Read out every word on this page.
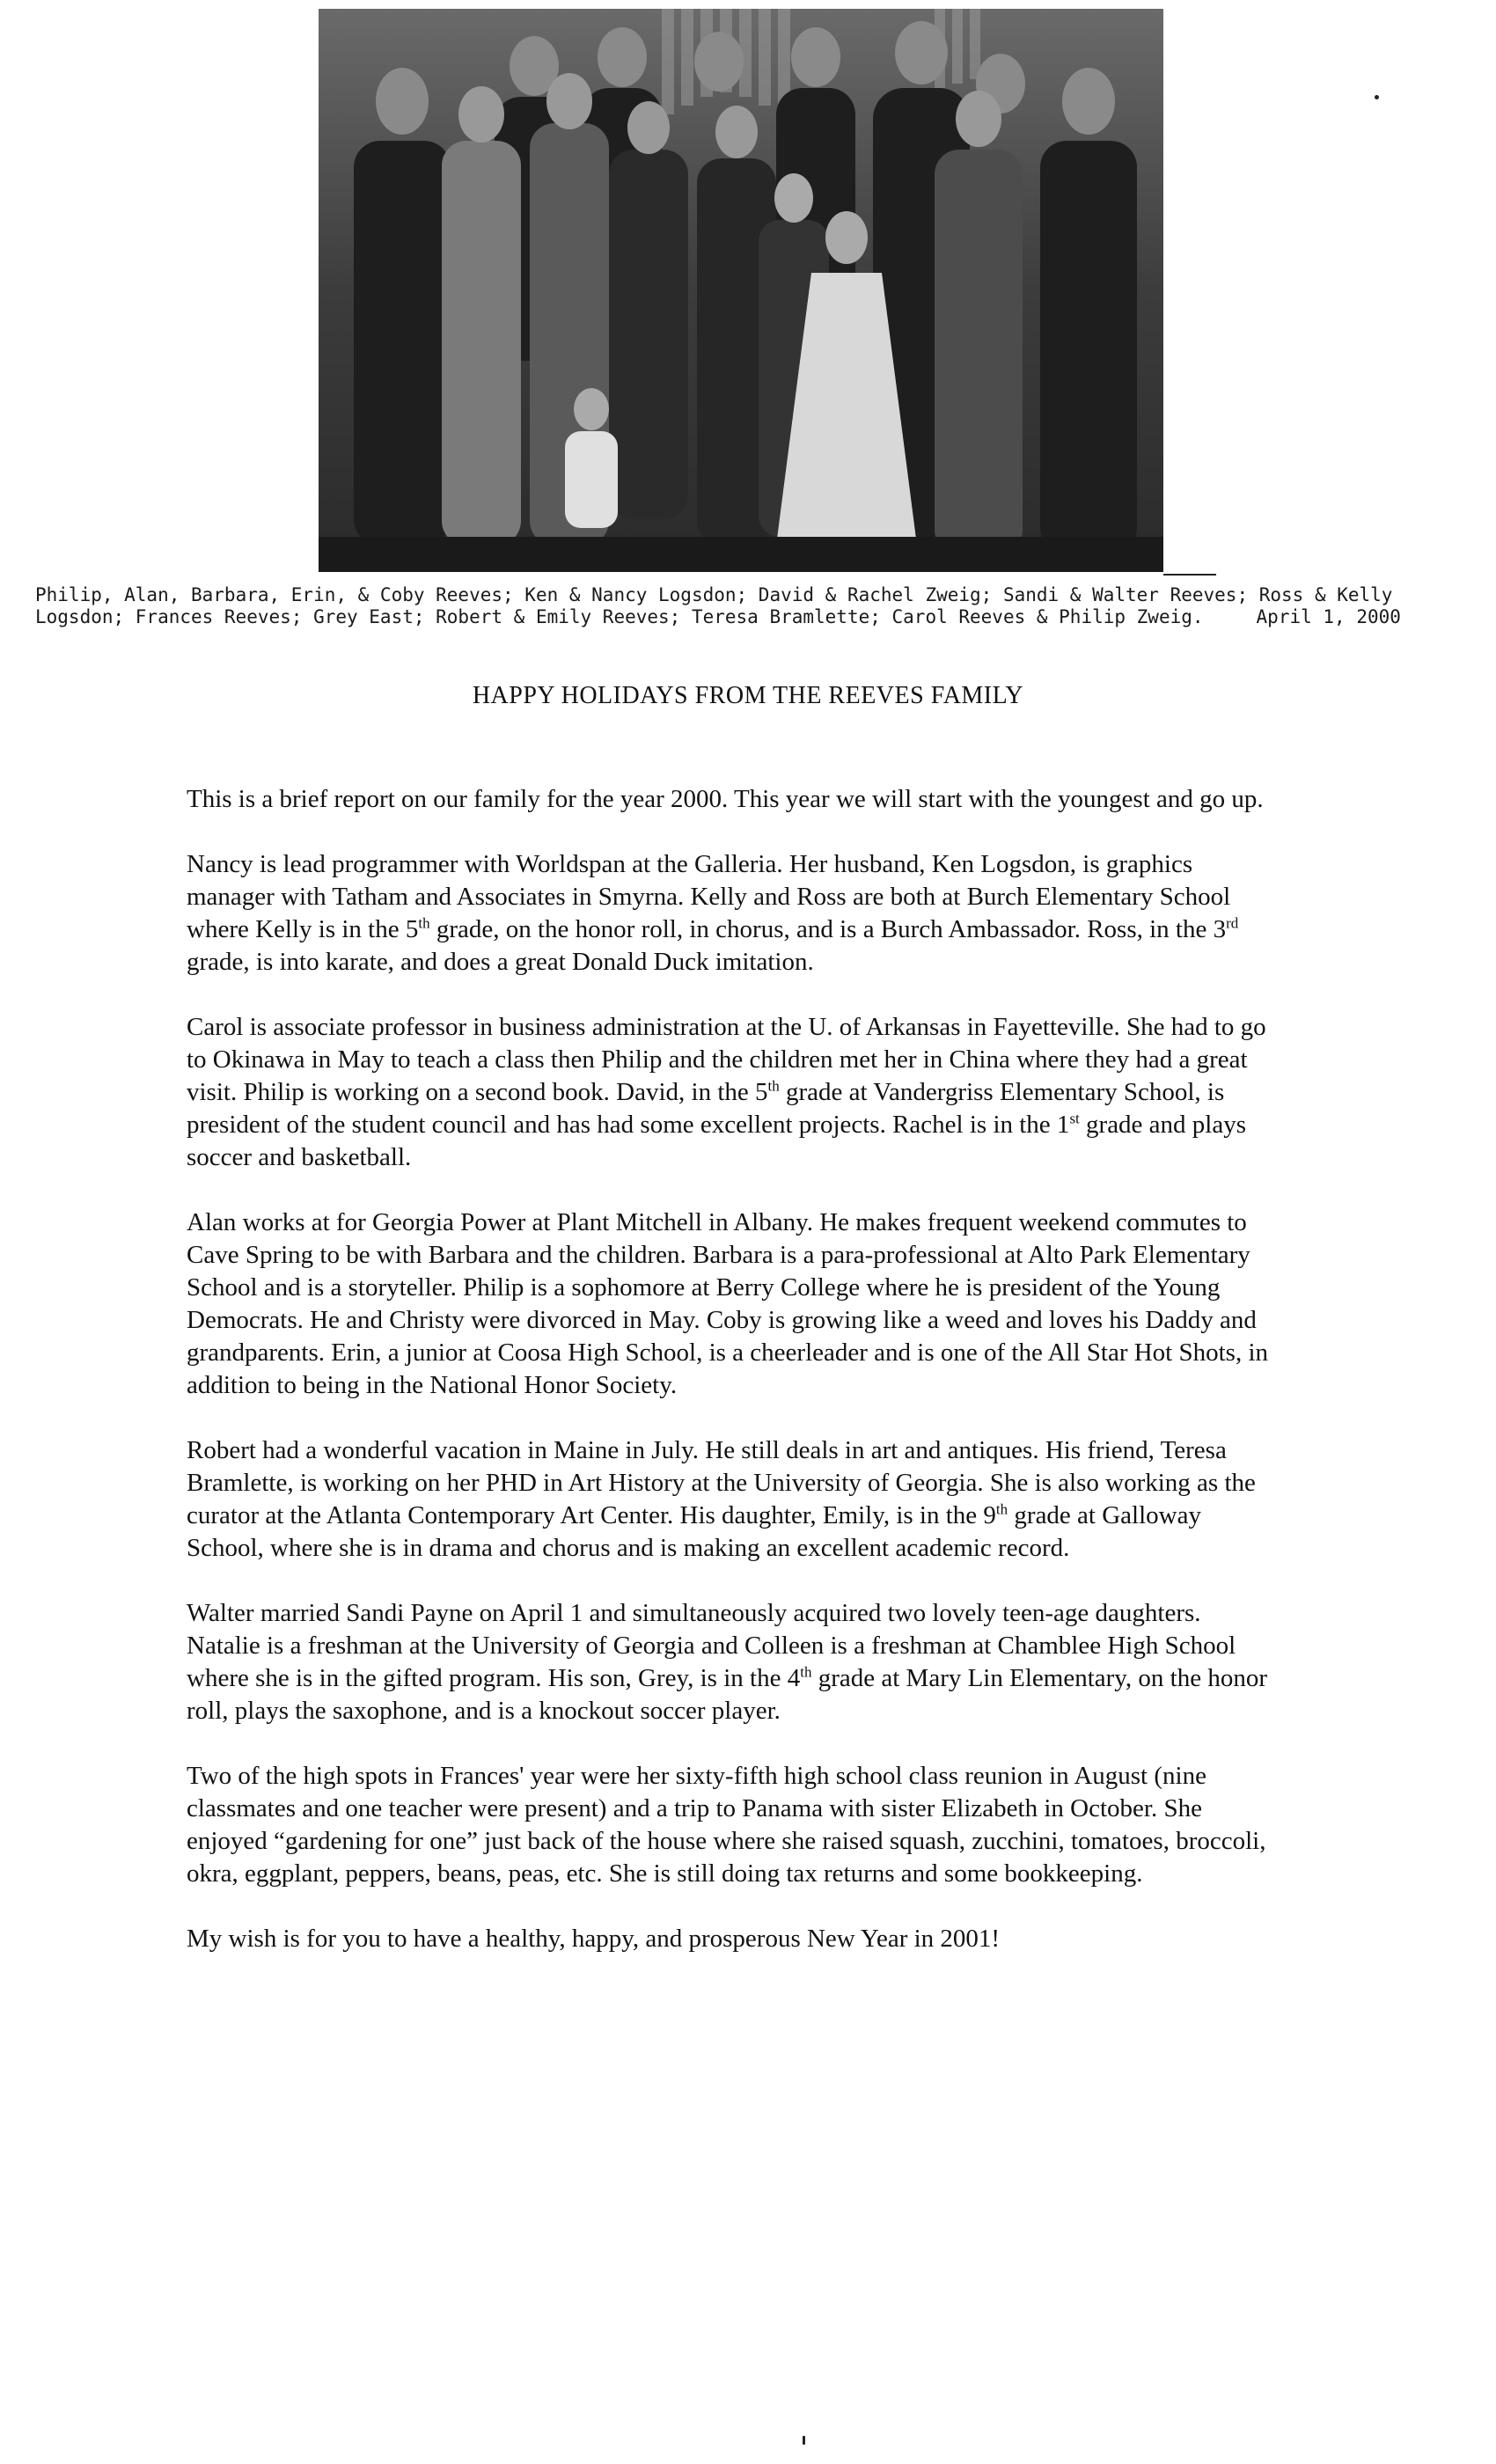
Philip, Alan, Barbara, Erin, & Coby Reeves; Ken & Nancy Logsdon; David & Rachel Zweig; Sandi & Walter Reeves; Ross & Kelly Logsdon; Frances Reeves; Grey East; Robert & Emily Reeves; Teresa Bramlette; Carol Reeves & Philip Zweig.	April 1, 2000
HAPPY HOLIDAYS FROM THE REEVES FAMILY

This is a brief report on our family for the year 2000. This year we will start with the youngest and go up.

Nancy is lead programmer with Worldspan at the Galleria. Her husband, Ken Logsdon, is graphics manager with Tatham and Associates in Smyrna. Kelly and Ross are both at Burch Elementary School where Kelly is in the 5th grade, on the honor roll, in chorus, and is a Burch Ambassador. Ross, in the 3rd grade, is into karate, and does a great Donald Duck imitation.

Carol is associate professor in business administration at the U. of Arkansas in Fayetteville. She had to go to Okinawa in May to teach a class then Philip and the children met her in China where they had a great visit. Philip is working on a second book. David, in the 5th grade at Vandergriss Elementary School, is president of the student council and has had some excellent projects. Rachel is in the 1st grade and plays soccer and basketball.

Alan works at for Georgia Power at Plant Mitchell in Albany. He makes frequent weekend commutes to Cave Spring to be with Barbara and the children. Barbara is a para-professional at Alto Park Elementary School and is a storyteller. Philip is a sophomore at Berry College where he is president of the Young Democrats. He and Christy were divorced in May. Coby is growing like a weed and loves his Daddy and grandparents. Erin, a junior at Coosa High School, is a cheerleader and is one of the All Star Hot Shots, in addition to being in the National Honor Society.

Robert had a wonderful vacation in Maine in July. He still deals in art and antiques. His friend, Teresa Bramlette, is working on her PHD in Art History at the University of Georgia. She is also working as the curator at the Atlanta Contemporary Art Center. His daughter, Emily, is in the 9th grade at Galloway School, where she is in drama and chorus and is making an excellent academic record.

Walter married Sandi Payne on April 1 and simultaneously acquired two lovely teen-age daughters. Natalie is a freshman at the University of Georgia and Colleen is a freshman at Chamblee High School where she is in the gifted program. His son, Grey, is in the 4th grade at Mary Lin Elementary, on the honor roll, plays the saxophone, and is a knockout soccer player.

Two of the high spots in Frances' year were her sixty-fifth high school class reunion in August (nine classmates and one teacher were present) and a trip to Panama with sister Elizabeth in October. She enjoyed “gardening for one” just back of the house where she raised squash, zucchini, tomatoes, broccoli, okra, eggplant, peppers, beans, peas, etc. She is still doing tax returns and some bookkeeping.

My wish is for you to have a healthy, happy, and prosperous New Year in 2001!
